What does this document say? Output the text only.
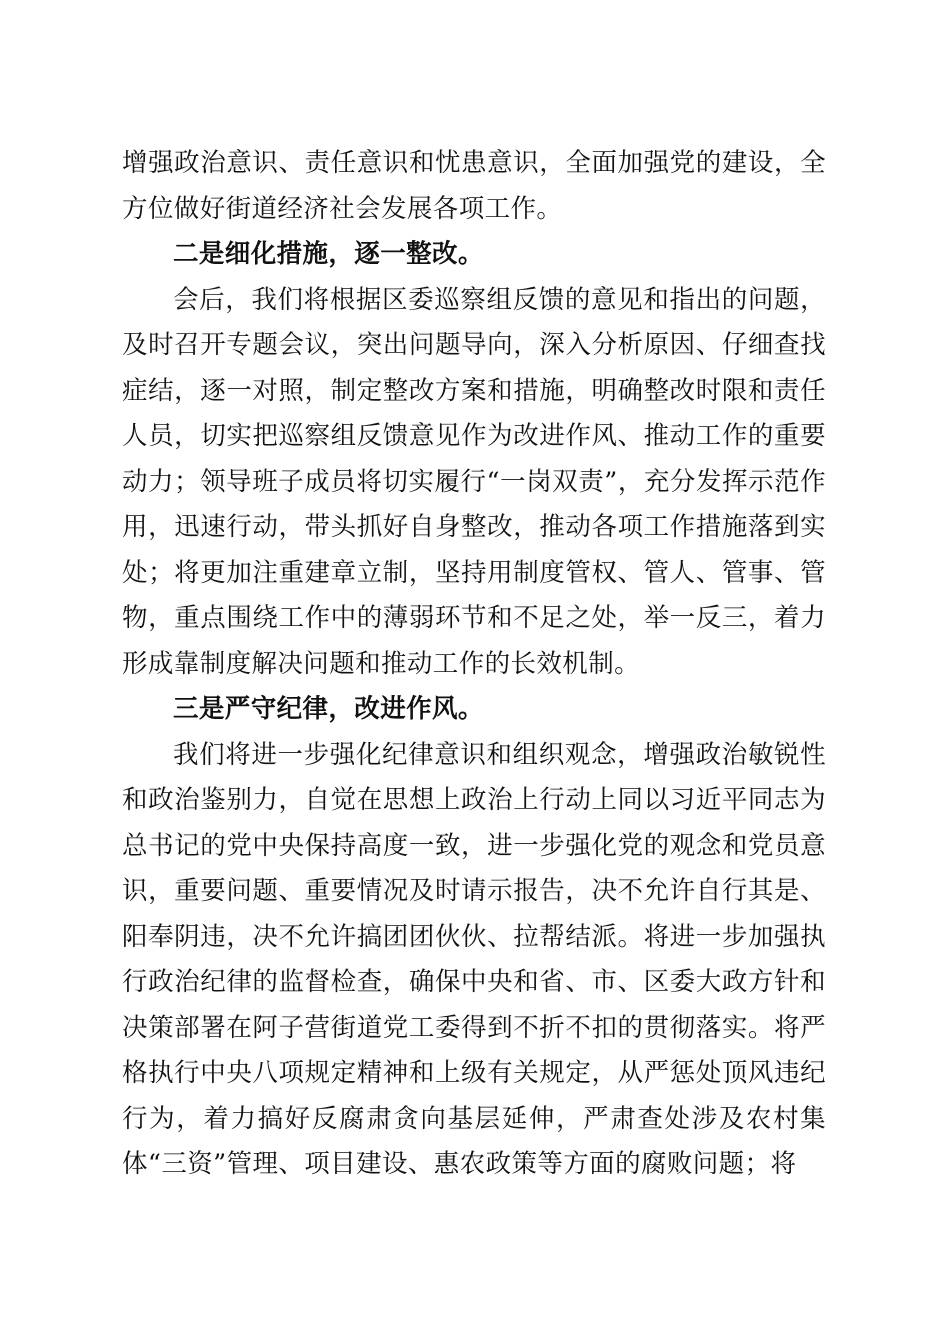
增强政治意识、责任意识和忧患意识，全面加强党的建设，全方位做好街道经济社会发展各项工作。

二是细化措施，逐一整改。

会后，我们将根据区委巡察组反馈的意见和指出的问题，及时召开专题会议，突出问题导向，深入分析原因、仔细查找症结，逐一对照，制定整改方案和措施，明确整改时限和责任人员，切实把巡察组反馈意见作为改进作风、推动工作的重要动力；领导班子成员将切实履行“一岗双责”，充分发挥示范作用，迅速行动，带头抓好自身整改，推动各项工作措施落到实处；将更加注重建章立制，坚持用制度管权、管人、管事、管物，重点围绕工作中的薄弱环节和不足之处，举一反三，着力形成靠制度解决问题和推动工作的长效机制。

三是严守纪律，改进作风。

我们将进一步强化纪律意识和组织观念，增强政治敏锐性和政治鉴别力，自觉在思想上政治上行动上同以习近平同志为总书记的党中央保持高度一致，进一步强化党的观念和党员意识，重要问题、重要情况及时请示报告，决不允许自行其是、阳奉阴违，决不允许搞团团伙伙、拉帮结派。将进一步加强执行政治纪律的监督检查，确保中央和省、市、区委大政方针和决策部署在阿子营街道党工委得到不折不扣的贯彻落实。将严格执行中央八项规定精神和上级有关规定，从严惩处顶风违纪行为，着力搞好反腐肃贪向基层延伸，严肃查处涉及农村集体“三资”管理、项目建设、惠农政策等方面的腐败问题；将
